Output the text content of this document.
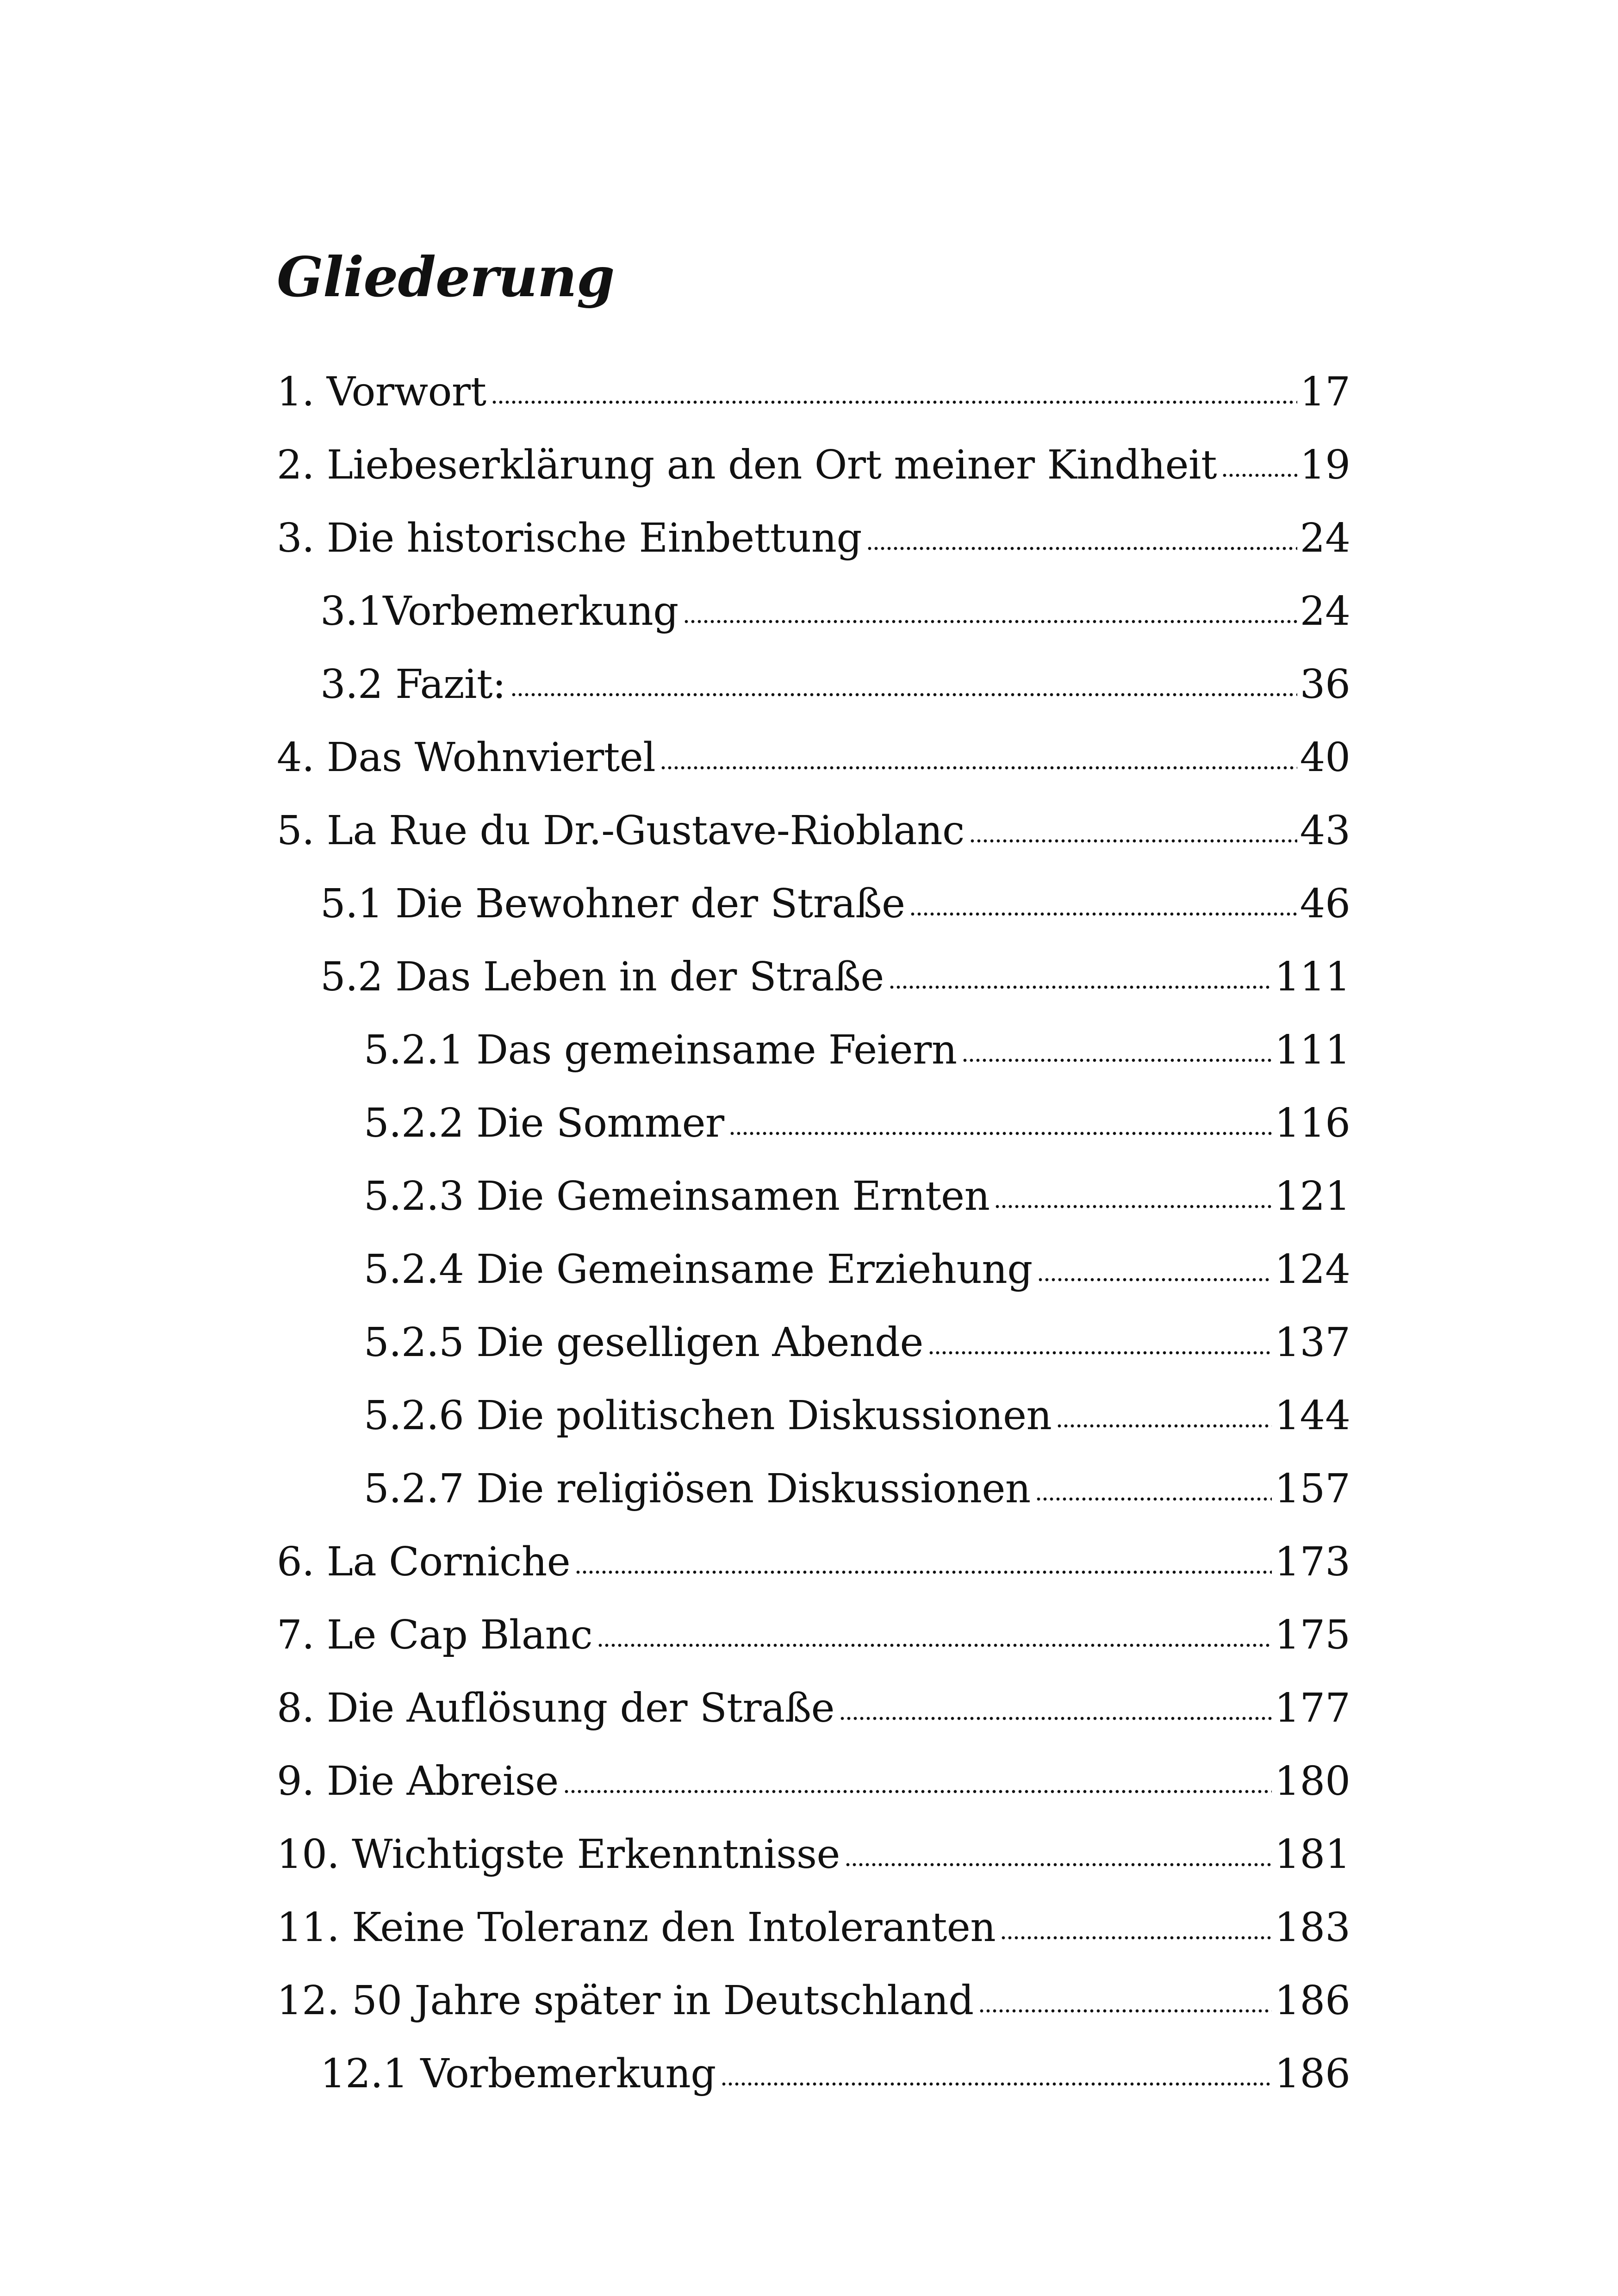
Gliederung
1. Vorwort	17
2. Liebeserklärung an den Ort meiner Kindheit 19
3. Die historische Einbettung	24
3.1Vorbemerkung	24
3.2 Fazit:	36
4. Das Wohnviertel	40
5. La Rue du Dr.-Gustave-Rioblanc	43
5.1 Die Bewohner der Straße	46
5.2 Das Leben in der Straße	111
5.2.1 Das gemeinsame Feiern	111
5.2.2 Die Sommer	116
5.2.3 Die Gemeinsamen Ernten	121
5.2.4 Die Gemeinsame Erziehung	124
5.2.5 Die geselligen Abende	137
5.2.6 Die politischen Diskussionen	144
5.2.7 Die religiösen Diskussionen	157
6. La Corniche	173
7. Le Cap Blanc	175
8. Die Auflösung der Straße	177
9. Die Abreise	180
10. Wichtigste Erkenntnisse	181
11. Keine Toleranz den Intoleranten	183
12. 50 Jahre später in Deutschland	186
12.1 Vorbemerkung	186
